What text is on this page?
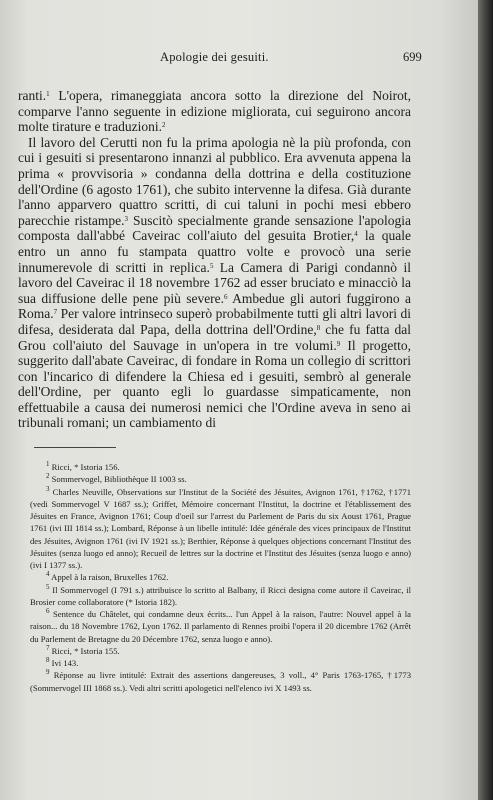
Apologie dei gesuiti.	699

ranti.$^1$ L'opera, rimaneggiata ancora sotto la direzione del Noirot, comparve l'anno seguente in edizione migliorata, cui seguirono ancora molte tirature e traduzioni.$^2$

Il lavoro del Cerutti non fu la prima apologia nè la più profonda, con cui i gesuiti si presentarono innanzi al pubblico. Era avvenuta appena la prima « provvisoria » condanna della dottrina e della costituzione dell'Ordine (6 agosto 1761), che subito intervenne la difesa. Già durante l'anno apparvero quattro scritti, di cui taluni in pochi mesi ebbero parecchie ristampe.$^3$ Suscitò specialmente grande sensazione l'apologia composta dall'abbé Caveirac coll'aiuto del gesuita Brotier,$^4$ la quale entro un anno fu stampata quattro volte e provocò una serie innumerevole di scritti in replica.$^5$ La Camera di Parigi condannò il lavoro del Caveirac il 18 novembre 1762 ad esser bruciato e minacciò la sua diffusione delle pene più severe.$^6$ Ambedue gli autori fuggirono a Roma.$^7$ Per valore intrinseco superò probabilmente tutti gli altri lavori di difesa, desiderata dal Papa, della dottrina dell'Ordine,$^8$ che fu fatta dal Grou coll'aiuto del Sauvage in un'opera in tre volumi.$^9$ Il progetto, suggerito dall'abate Caveirac, di fondare in Roma un collegio di scrittori con l'incarico di difendere la Chiesa ed i gesuiti, sembrò al generale dell'Ordine, per quanto egli lo guardasse simpaticamente, non effettuabile a causa dei numerosi nemici che l'Ordine aveva in seno ai tribunali romani; un cambiamento di

$^1$ Ricci, * Istoria 156.

$^2$ Sommervogel, Bibliothèque II 1003 ss.

$^3$ Charles Neuville, Observations sur l'Institut de la Société des Jésuites, Avignon 1761, †1762, †1771 (vedi Sommervogel V 1687 ss.); Griffet, Mémoire concernant l'Institut, la doctrine et l'établissement des Jésuites en France, Avignon 1761; Coup d'oeil sur l'arrest du Parlement de Paris du six Aoust 1761, Prague 1761 (ivi III 1814 ss.); Lombard, Réponse à un libelle intitulé: Idée générale des vices principaux de l'Institut des Jésuites, Avignon 1761 (ivi IV 1921 ss.); Berthier, Réponse à quelques objections concernant l'Institut des Jésuites (senza luogo ed anno); Recueil de lettres sur la doctrine et l'Institut des Jésuites (senza luogo e anno) (ivi I 1377 ss.).

$^4$ Appel à la raison, Bruxelles 1762.

$^5$ Il Sommervogel (I 791 s.) attribuisce lo scritto al Balbany, il Ricci designa come autore il Caveirac, il Brosier come collaboratore (* Istoria 182).

$^6$ Sentence du Châtelet, qui condamne deux écrits... l'un Appel à la raison, l'autre: Nouvel appel à la raison... du 18 Novembre 1762, Lyon 1762. Il parlamento di Rennes proibì l'opera il 20 dicembre 1762 (Arrêt du Parlement de Bretagne du 20 Décembre 1762, senza luogo e anno).

$^7$ Ricci, * Istoria 155.

$^8$ Ivi 143.

$^9$ Réponse au livre intitulé: Extrait des assertions dangereuses, 3 voll., 4° Paris 1763-1765, †1773 (Sommervogel III 1868 ss.). Vedi altri scritti apologetici nell'elenco ivi X 1493 ss.
